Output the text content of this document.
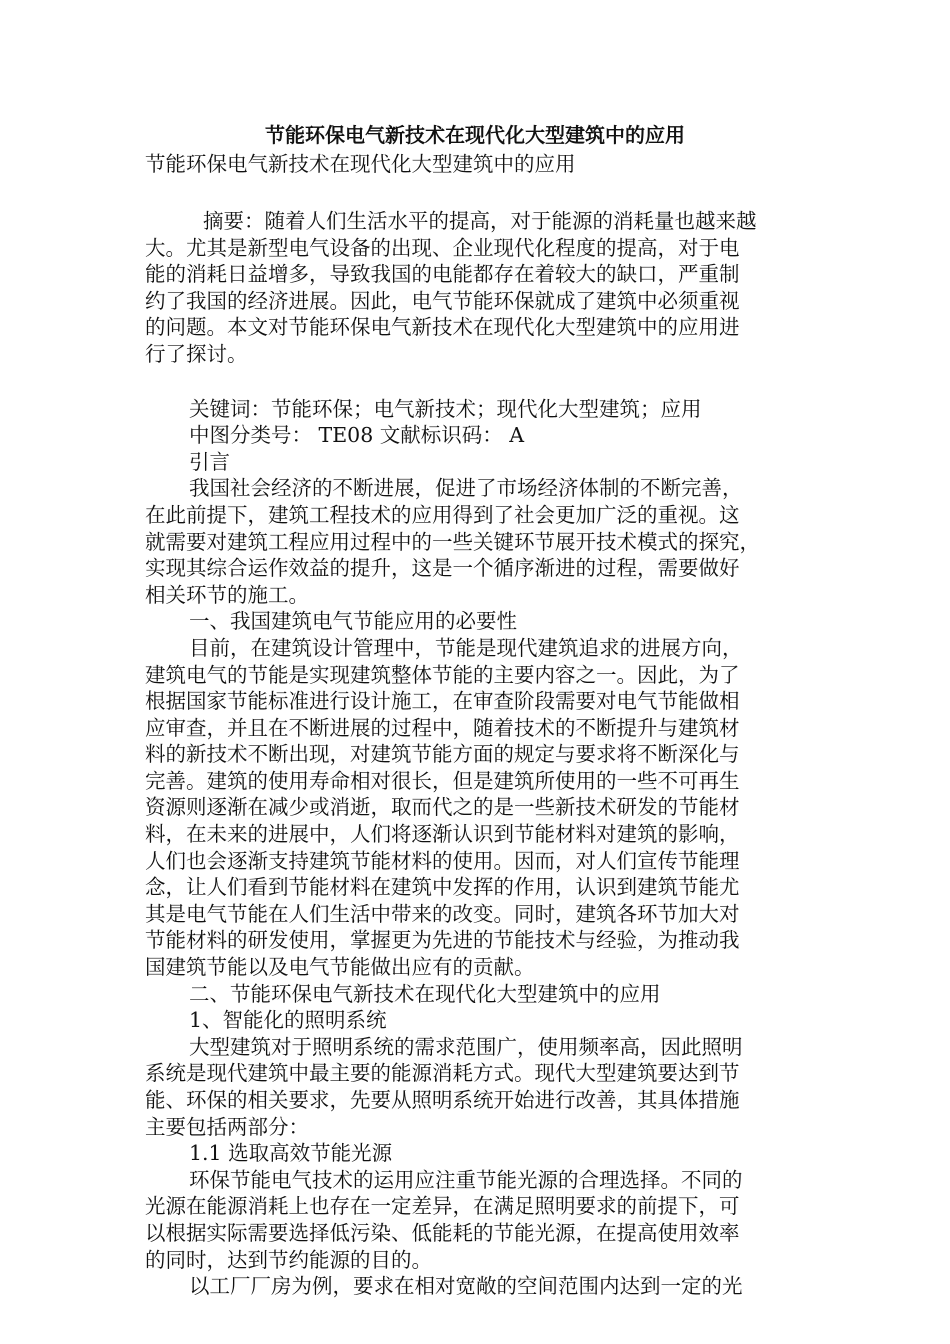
节能环保电气新技术在现代化大型建筑中的应用

节能环保电气新技术在现代化大型建筑中的应用

摘要：随着人们生活水平的提高，对于能源的消耗量也越来越

大。尤其是新型电气设备的出现、企业现代化程度的提高，对于电

能的消耗日益增多，导致我国的电能都存在着较大的缺口，严重制

约了我国的经济进展。因此，电气节能环保就成了建筑中必须重视

的问题。本文对节能环保电气新技术在现代化大型建筑中的应用进

行了探讨。

关键词：节能环保；电气新技术；现代化大型建筑；应用

中图分类号： TE08 文献标识码： A

引言

我国社会经济的不断进展，促进了市场经济体制的不断完善，

在此前提下，建筑工程技术的应用得到了社会更加广泛的重视。这

就需要对建筑工程应用过程中的一些关键环节展开技术模式的探究，

实现其综合运作效益的提升，这是一个循序渐进的过程，需要做好

相关环节的施工。

一、我国建筑电气节能应用的必要性

目前，在建筑设计管理中，节能是现代建筑追求的进展方向，

建筑电气的节能是实现建筑整体节能的主要内容之一。因此，为了

根据国家节能标准进行设计施工，在审查阶段需要对电气节能做相

应审查，并且在不断进展的过程中，随着技术的不断提升与建筑材

料的新技术不断出现，对建筑节能方面的规定与要求将不断深化与

完善。建筑的使用寿命相对很长，但是建筑所使用的一些不可再生

资源则逐渐在减少或消逝，取而代之的是一些新技术研发的节能材

料，在未来的进展中，人们将逐渐认识到节能材料对建筑的影响，

人们也会逐渐支持建筑节能材料的使用。因而，对人们宣传节能理

念，让人们看到节能材料在建筑中发挥的作用，认识到建筑节能尤

其是电气节能在人们生活中带来的改变。同时，建筑各环节加大对

节能材料的研发使用，掌握更为先进的节能技术与经验，为推动我

国建筑节能以及电气节能做出应有的贡献。

二、节能环保电气新技术在现代化大型建筑中的应用

1、智能化的照明系统

大型建筑对于照明系统的需求范围广，使用频率高，因此照明

系统是现代建筑中最主要的能源消耗方式。现代大型建筑要达到节

能、环保的相关要求，先要从照明系统开始进行改善，其具体措施

主要包括两部分：

1.1 选取高效节能光源

环保节能电气技术的运用应注重节能光源的合理选择。不同的

光源在能源消耗上也存在一定差异，在满足照明要求的前提下，可

以根据实际需要选择低污染、低能耗的节能光源，在提高使用效率

的同时，达到节约能源的目的。

以工厂厂房为例，要求在相对宽敞的空间范围内达到一定的光
